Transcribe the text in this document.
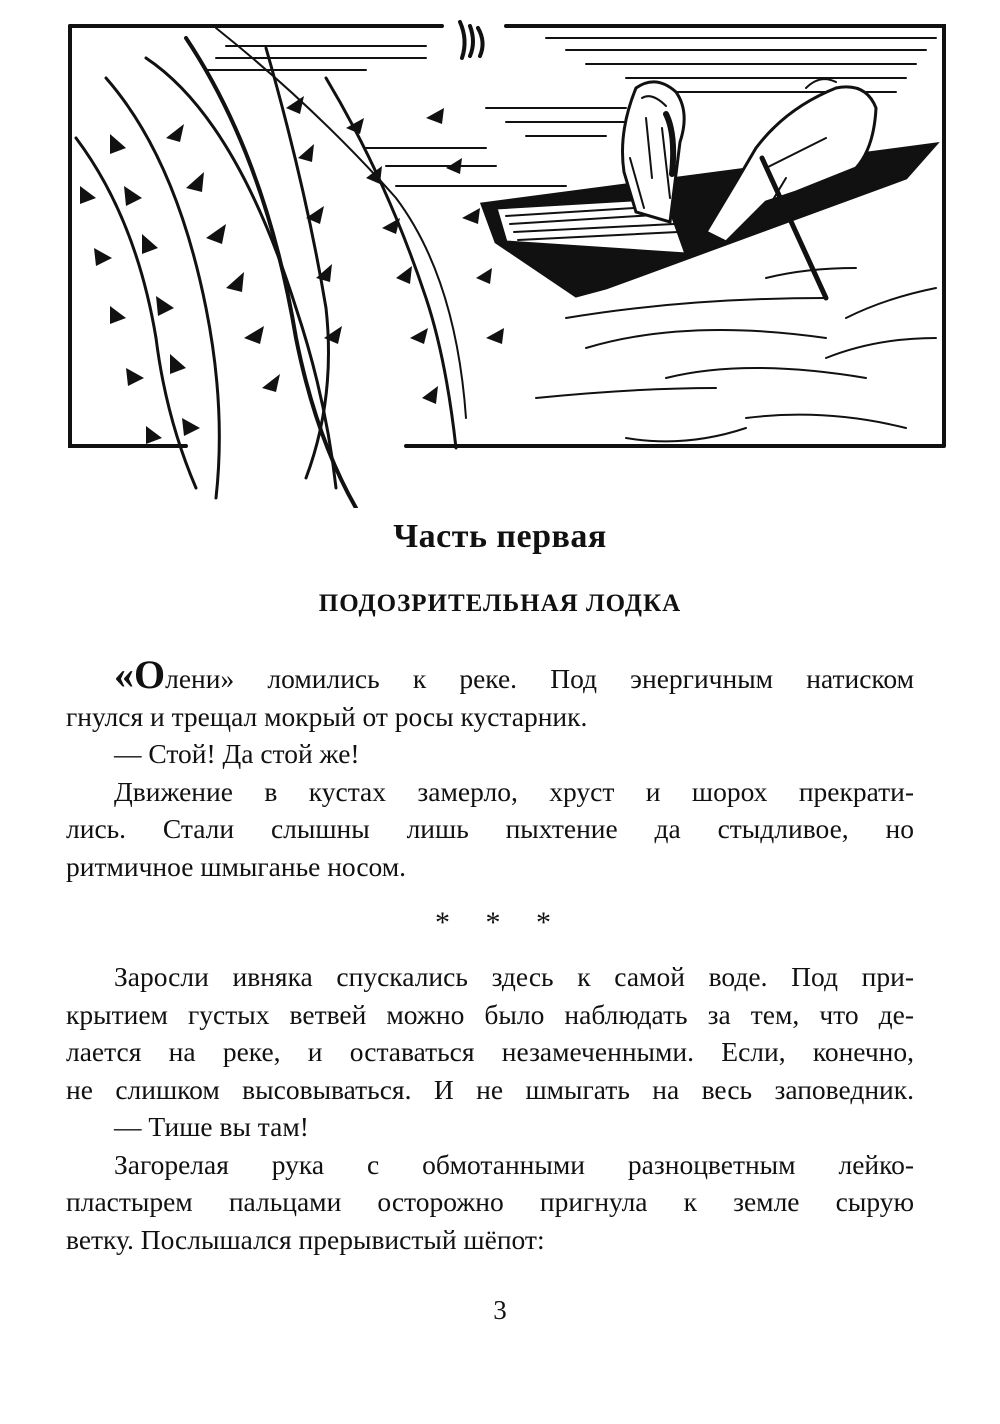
Часть первая
ПОДОЗРИТЕЛЬНАЯ ЛОДКА
«Олени» ломились к реке. Под энергичным натиском
гнулся и трещал мокрый от росы кустарник.
— Стой! Да стой же!
Движение в кустах замерло, хруст и шорох прекрати-
лись. Стали слышны лишь пыхтение да стыдливое, но
ритмичное шмыганье носом.
* * *
Заросли ивняка спускались здесь к самой воде. Под при-
крытием густых ветвей можно было наблюдать за тем, что де-
лается на реке, и оставаться незамеченными. Если, конечно,
не слишком высовываться. И не шмыгать на весь заповедник.
— Тише вы там!
Загорелая рука с обмотанными разноцветным лейко-
пластырем пальцами осторожно пригнула к земле сырую
ветку. Послышался прерывистый шёпот:
3
